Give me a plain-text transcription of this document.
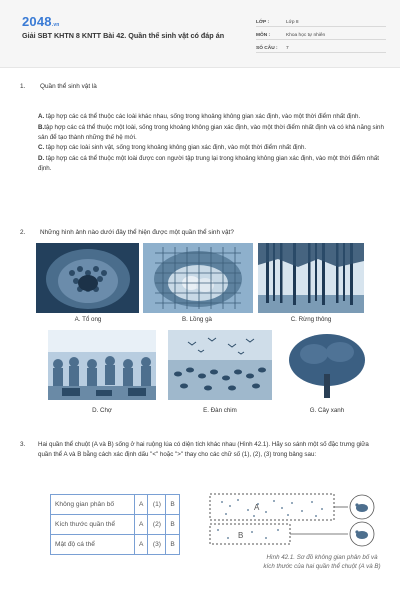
2048.vn
Giải SBT KHTN 8 KNTT Bài 42. Quần thể sinh vật có đáp án
LỚP :	Lớp 8
MÔN :	Khoa học tự nhiên
SỐ CÂU :	7
1.	Quần thể sinh vật là
A. tập hợp các cá thể thuộc các loài khác nhau, sống trong khoảng không gian xác định, vào một thời điểm nhất định.
B.tập hợp các cá thể thuộc một loài, sống trong khoảng không gian xác định, vào một thời điểm nhất định và có khả năng sinh sản để tạo thành những thế hệ mới.
C. tập hợp các loài sinh vật, sống trong khoảng không gian xác định, vào một thời điểm nhất định.
D. tập hợp các cá thể thuộc một loài được con người tập trung lại trong khoảng không gian xác định, vào một thời điểm nhất định.
2.	Những hình ảnh nào dưới đây thể hiện được một quần thể sinh vật?
A. Tổ ong	B. Lồng gà	C. Rừng thông
D. Chợ	E. Đàn chim	G. Cây xanh
3.	Hai quần thể chuột (A và B) sống ở hai ruộng lúa có diện tích khác nhau (Hình 42.1). Hãy so sánh một số đặc trưng giữa quần thể A và B bằng cách xác định dấu "<" hoặc ">" thay cho các chữ số (1), (2), (3) trong bảng sau:
Không gian phân bố	A	(1)	B
Kích thước quần thể	A	(2)	B
Mật độ cá thể	A	(3)	B
A
B
Hình 42.1. Sơ đồ không gian phân bố và kích thước của hai quần thể chuột (A và B)
